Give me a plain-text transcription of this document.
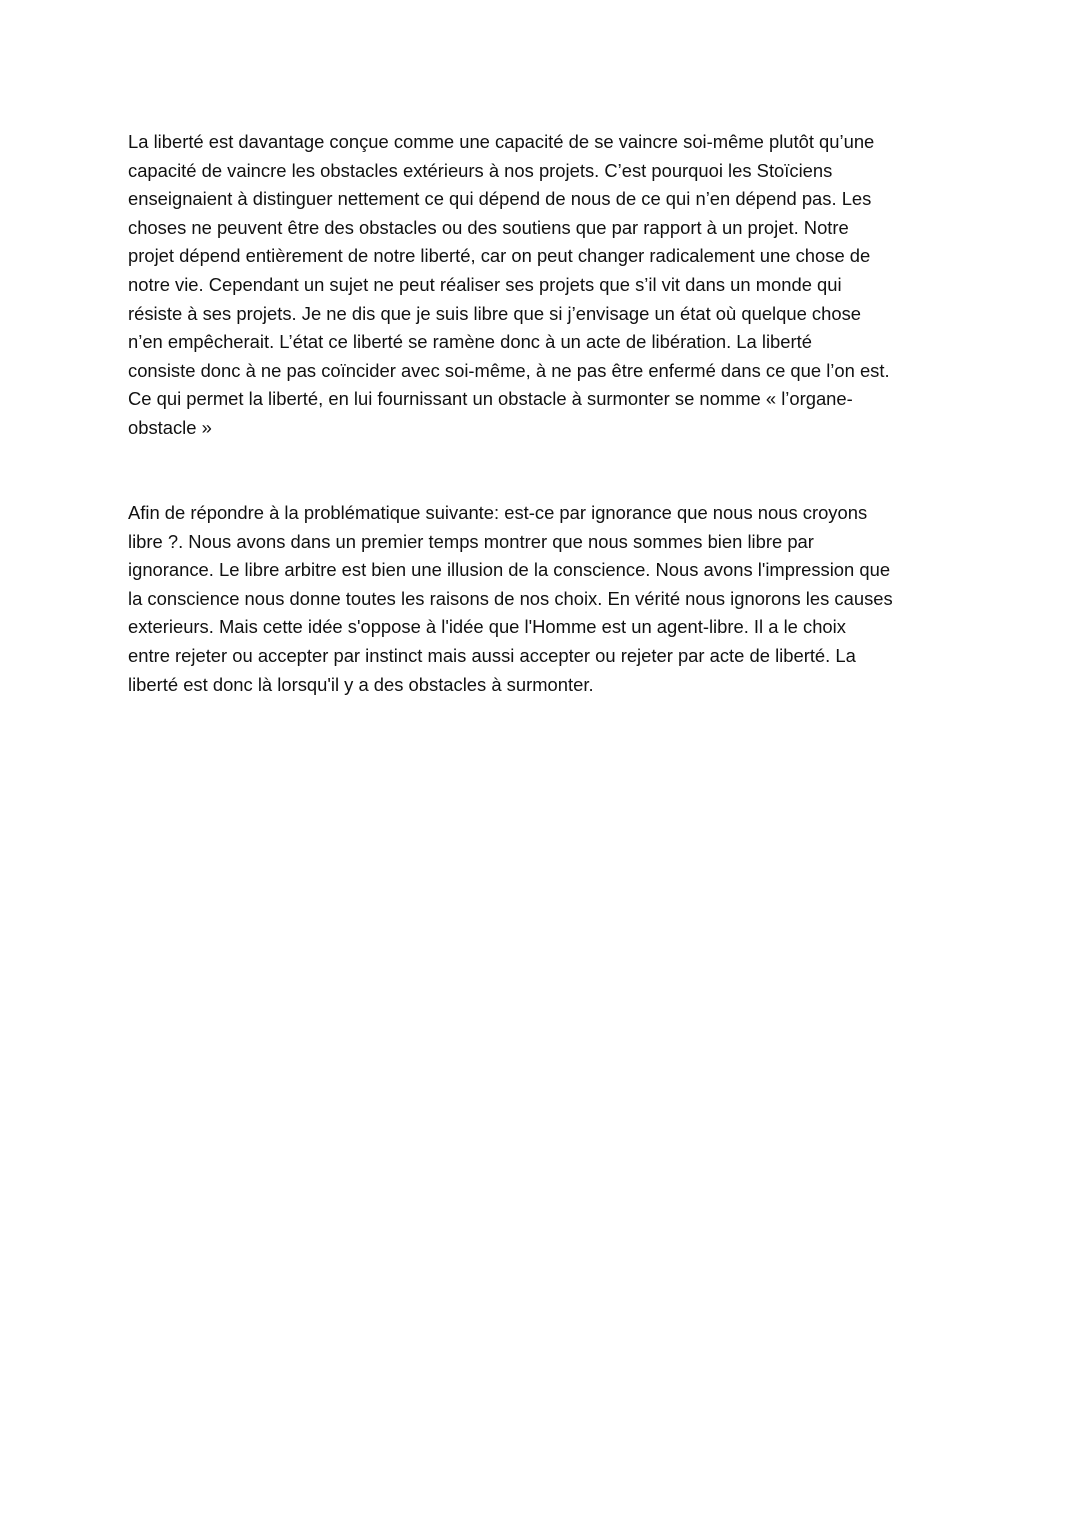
La liberté est davantage conçue comme une capacité de se vaincre soi-même plutôt qu’une
capacité de vaincre les obstacles extérieurs à nos projets. C’est pourquoi les Stoïciens
enseignaient à distinguer nettement ce qui dépend de nous de ce qui n’en dépend pas. Les
choses ne peuvent être des obstacles ou des soutiens que par rapport à un projet. Notre
projet dépend entièrement de notre liberté, car on peut changer radicalement une chose de
notre vie. Cependant un sujet ne peut réaliser ses projets que s’il vit dans un monde qui
résiste à ses projets. Je ne dis que je suis libre que si j’envisage un état où quelque chose
n’en empêcherait. L’état ce liberté se ramène donc à un acte de libération. La liberté
consiste donc à ne pas coïncider avec soi-même, à ne pas être enfermé dans ce que l’on est.
Ce qui permet la liberté, en lui fournissant un obstacle à surmonter se nomme « l’organe-
obstacle »
Afin de répondre à la problématique suivante: est-ce par ignorance que nous nous croyons
libre ?. Nous avons dans un premier temps montrer que nous sommes bien libre par
ignorance. Le libre arbitre est bien une illusion de la conscience. Nous avons l'impression que
la conscience nous donne toutes les raisons de nos choix. En vérité nous ignorons les causes
exterieurs. Mais cette idée s'oppose à l'idée que l'Homme est un agent-libre. Il a le choix
entre rejeter ou accepter par instinct mais aussi accepter ou rejeter par acte de liberté. La
liberté est donc là lorsqu'il y a des obstacles à surmonter.
